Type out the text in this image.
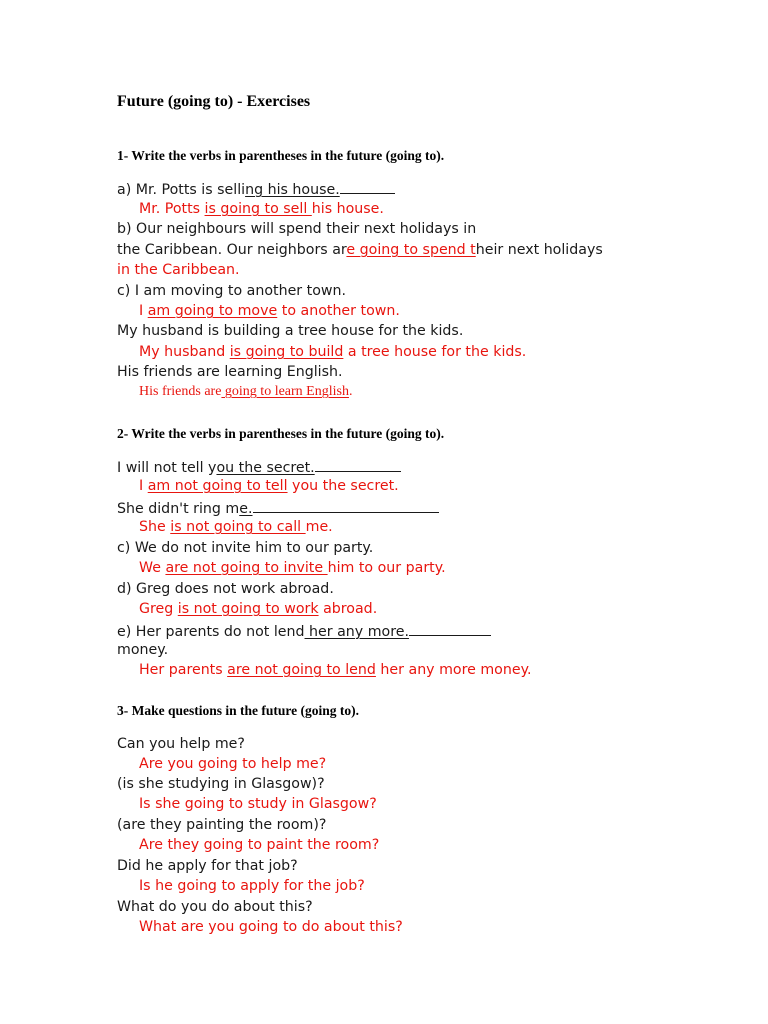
Future (going to) - Exercises
1- Write the verbs in parentheses in the future (going to).
a) Mr. Potts is selling his house.
Mr. Potts is going to sell his house.
b) Our neighbours will spend their next holidays in
the Caribbean. Our neighbors are going to spend their next holidays
in the Caribbean.
c) I am moving to another town.
I am going to move to another town.
My husband is building a tree house for the kids.
My husband is going to build a tree house for the kids.
His friends are learning English.
His friends are going to learn English.
2- Write the verbs in parentheses in the future (going to).
I will not tell you the secret.
I am not going to tell you the secret.
She didn't ring me.
She is not going to call me.
c) We do not invite him to our party.
We are not going to invite him to our party.
d) Greg does not work abroad.
Greg is not going to work abroad.
e) Her parents do not lend her any more.
money.
Her parents are not going to lend her any more money.
3- Make questions in the future (going to).
Can you help me?
Are you going to help me?
(is she studying in Glasgow)?
Is she going to study in Glasgow?
(are they painting the room)?
Are they going to paint the room?
Did he apply for that job?
Is he going to apply for the job?
What do you do about this?
What are you going to do about this?
